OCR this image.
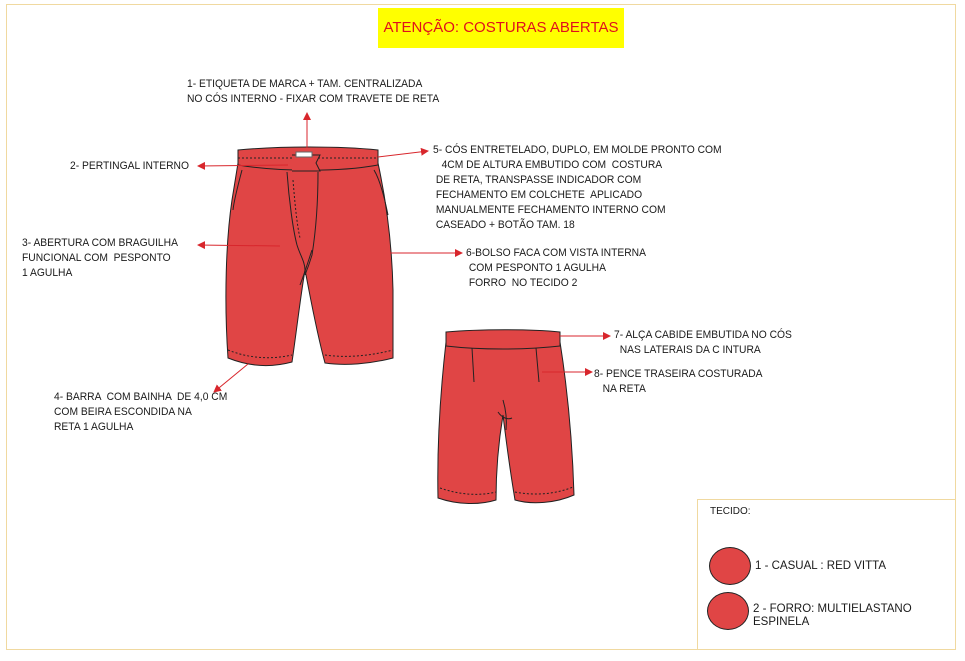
ATENÇÃO: COSTURAS ABERTAS
1- ETIQUETA DE MARCA + TAM. CENTRALIZADA
NO CÓS INTERNO - FIXAR COM TRAVETE DE RETA
2- PERTINGAL INTERNO
3- ABERTURA COM BRAGUILHA
FUNCIONAL COM  PESPONTO
1 AGULHA
4- BARRA  COM BAINHA  DE 4,0 CM
COM BEIRA ESCONDIDA NA
RETA 1 AGULHA
5- CÓS ENTRETELADO, DUPLO, EM MOLDE PRONTO COM
4CM DE ALTURA EMBUTIDO COM  COSTURA
DE RETA, TRANSPASSE INDICADOR COM
FECHAMENTO EM COLCHETE  APLICADO
MANUALMENTE FECHAMENTO INTERNO COM
CASEADO + BOTÃO TAM. 18
6-BOLSO FACA COM VISTA INTERNA
COM PESPONTO 1 AGULHA
FORRO  NO TECIDO 2
7- ALÇA CABIDE EMBUTIDA NO CÓS
NAS LATERAIS DA C INTURA
8- PENCE TRASEIRA COSTURADA
NA RETA
TECIDO:
1 - CASUAL : RED VITTA
2 - FORRO: MULTIELASTANO
ESPINELA
